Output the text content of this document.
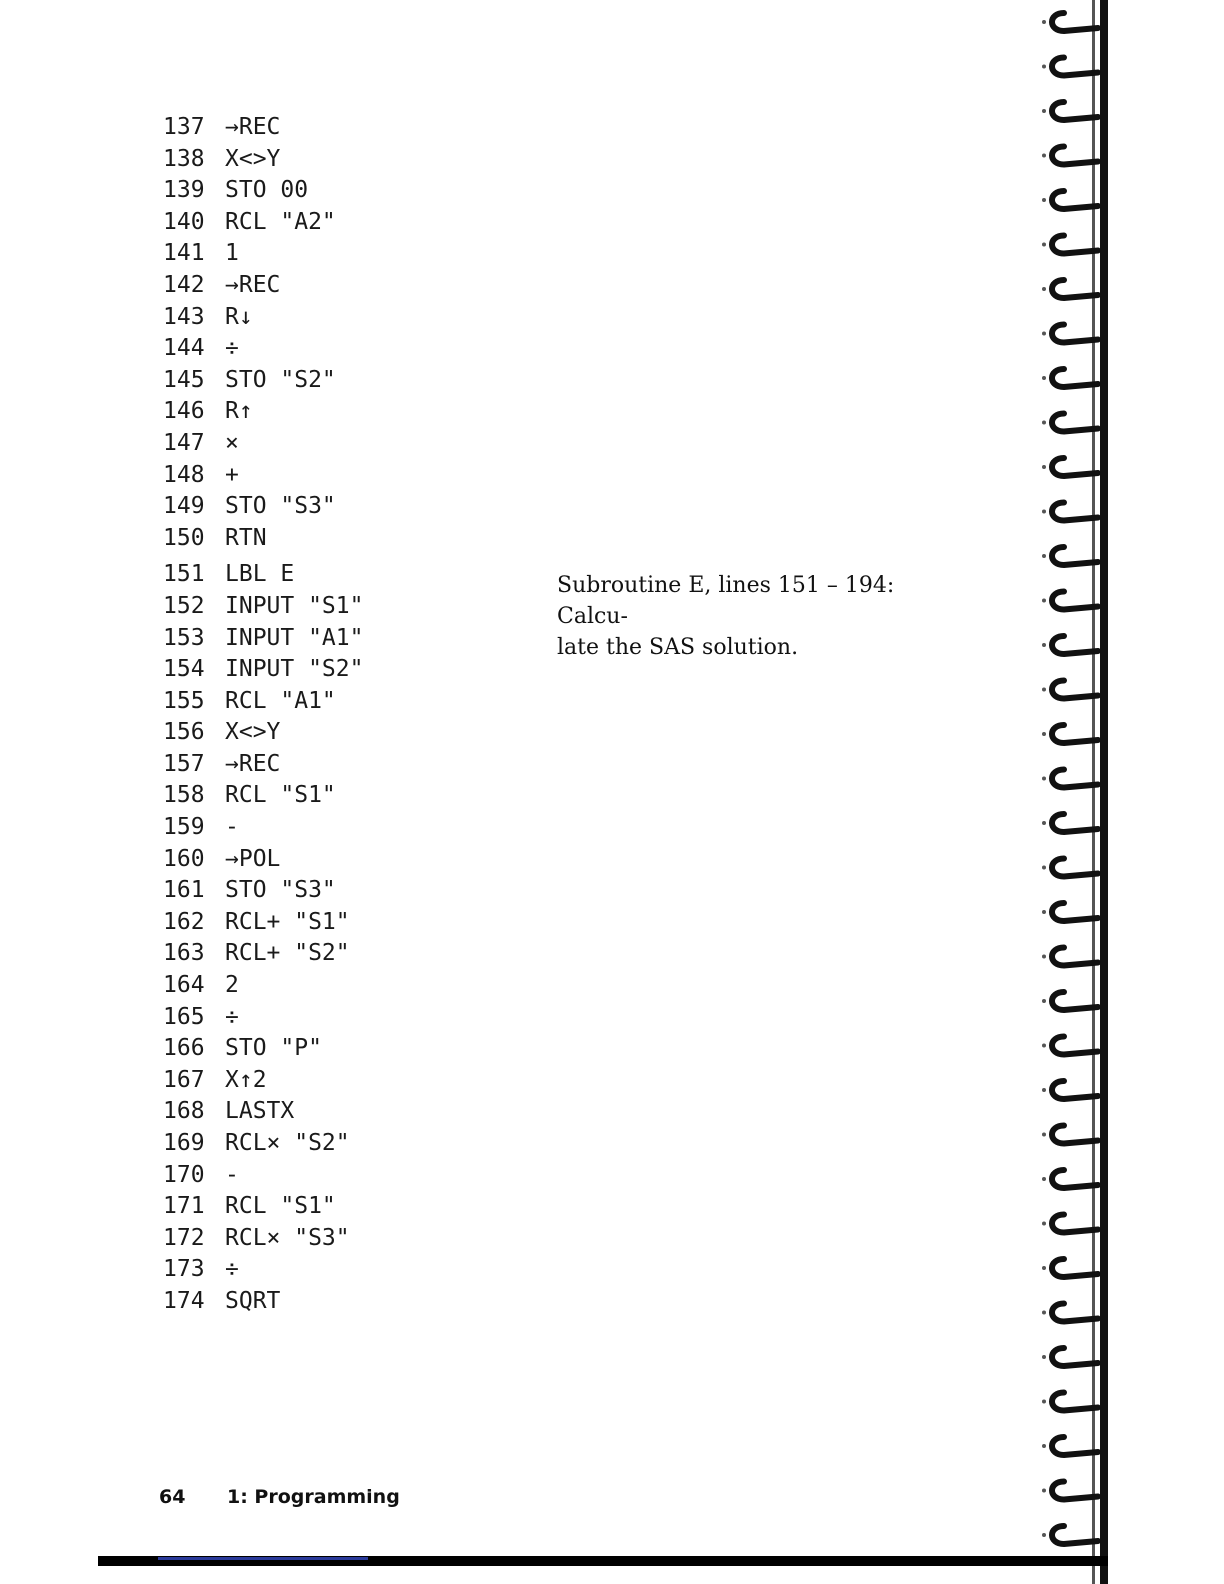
137 →REC
138 X<>Y
139 STO 00
140 RCL "A2"
141 1
142 →REC
143 R↓
144 ÷
145 STO "S2"
146 R↑
147 ×
148 +
149 STO "S3"
150 RTN
151 LBL E
152 INPUT "S1"
153 INPUT "A1"
154 INPUT "S2"
155 RCL "A1"
156 X<>Y
157 →REC
158 RCL "S1"
159 -
160 →POL
161 STO "S3"
162 RCL+ "S1"
163 RCL+ "S2"
164 2
165 ÷
166 STO "P"
167 X↑2
168 LASTX
169 RCL× "S2"
170 -
171 RCL "S1"
172 RCL× "S3"
173 ÷
174 SQRT
Subroutine E, lines 151 – 194: Calcu-
late the SAS solution.
64 1: Programming
